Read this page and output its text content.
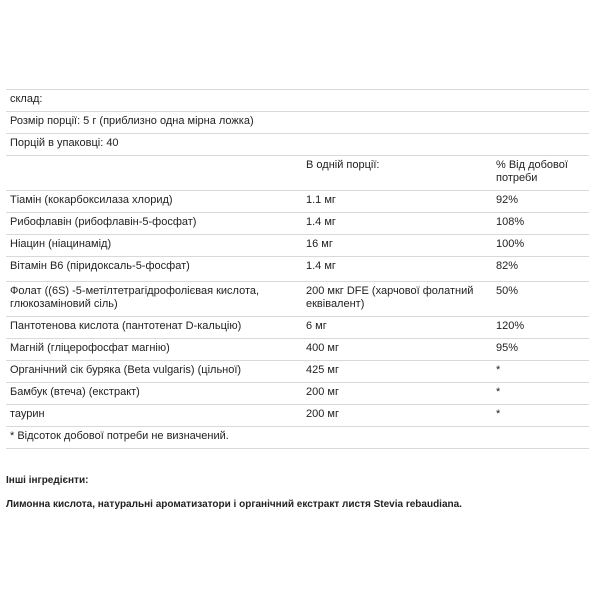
склад:		
Розмір порції: 5 г (приблизно одна мірна ложка)		
Порцій в упаковці: 40		
	В одній порції:	% Від добової потреби
Тіамін (кокарбоксилаза хлорид)	1.1 мг	92%
Рибофлавін (рибофлавін-5-фосфат)	1.4 мг	108%
Ніацин (ніацинамід)	16 мг	100%
Вітамін В6 (піридоксаль-5-фосфат)	1.4 мг	82%
Фолат ((6S) -5-метілтетрагідрофолієвая кислота, глюкозаміновий сіль)	200 мкг DFE (харчової фолатний еквівалент)	50%
Пантотенова кислота (пантотенат D-кальцію)	6 мг	120%
Магній (гліцерофосфат магнію)	400 мг	95%
Органічний сік буряка (Beta vulgaris) (цільної)	425 мг	*
Бамбук (втеча) (екстракт)	200 мг	*
таурин	200 мг	*
* Відсоток добової потреби не визначений.		
Інші інгредієнти:
Лимонна кислота, натуральні ароматизатори і органічний екстракт листя Stevia rebaudiana.
